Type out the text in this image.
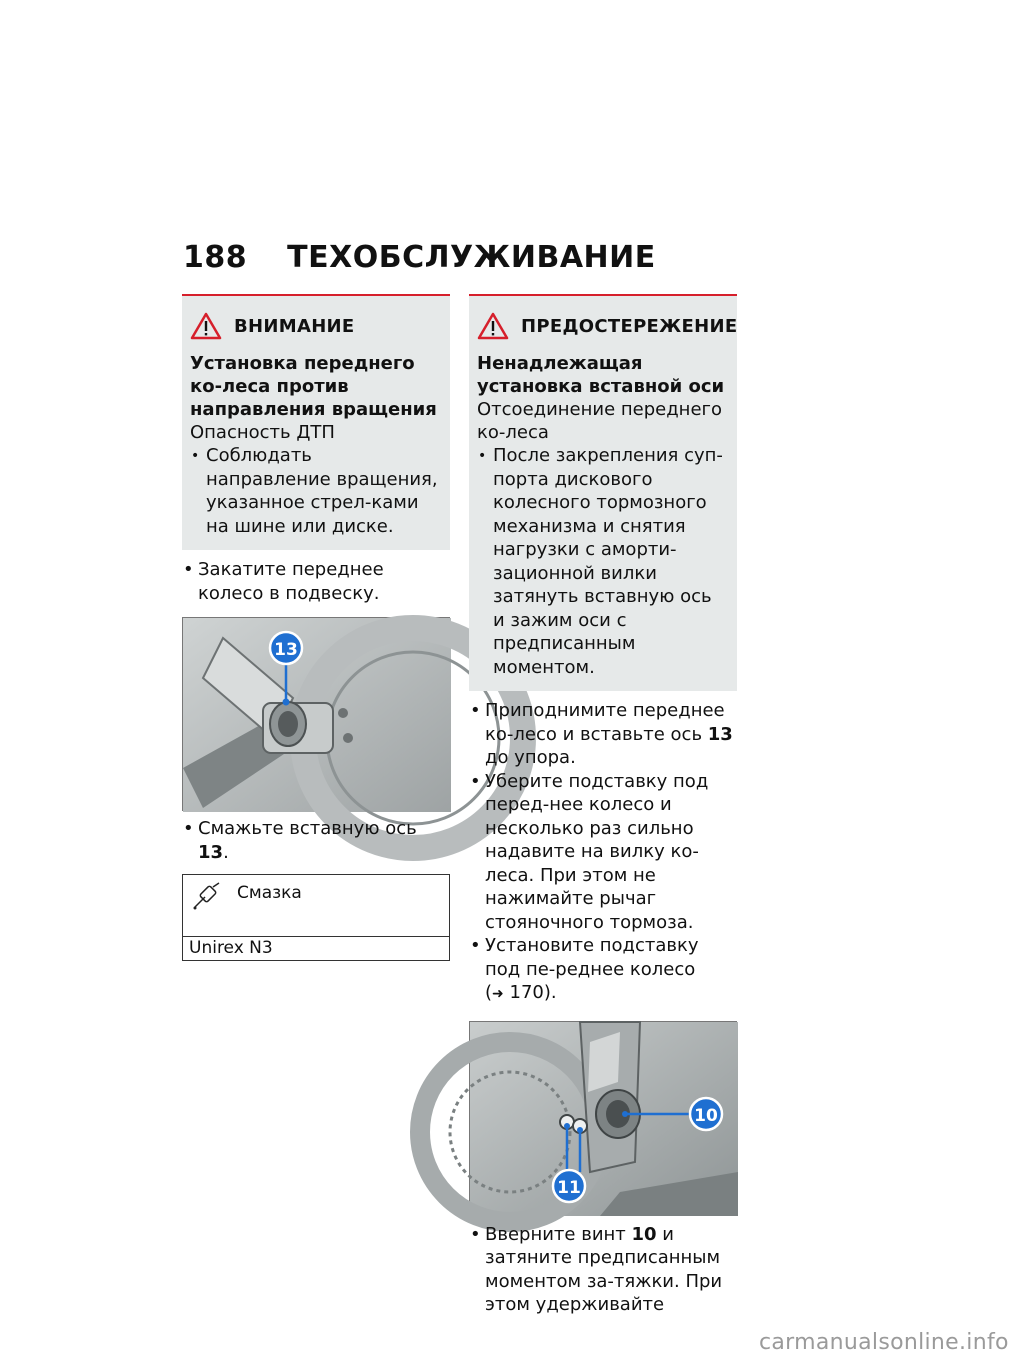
188 ТЕХОБСЛУЖИВАНИЕ
ВНИМАНИЕ
Установка переднего ко-леса против направления вращения
Опасность ДТП
• Соблюдать направление вращения, указанное стрел-ками на шине или диске.
• Закатите переднее колесо в подвеску.
13
• Смажьте вставную ось 13.
Смазка
Unirex N3
ПРЕДОСТЕРЕЖЕНИЕ
Ненадлежащая установка вставной оси
Отсоединение переднего ко-леса
• После закрепления суп-порта дискового колесного тормозного механизма и снятия нагрузки с аморти-зационной вилки затянуть вставную ось и зажим оси с предписанным моментом.
• Приподнимите переднее ко-лесо и вставьте ось 13 до упора.
• Уберите подставку под перед-нее колесо и несколько раз сильно надавите на вилку ко-леса. При этом не нажимайте рычаг стояночного тормоза.
• Установите подставку под пе-реднее колесо (➜ 170).
10
11
• Вверните винт 10 и затяните предписанным моментом за-тяжки. При этом удерживайте
carmanualsonline.info
